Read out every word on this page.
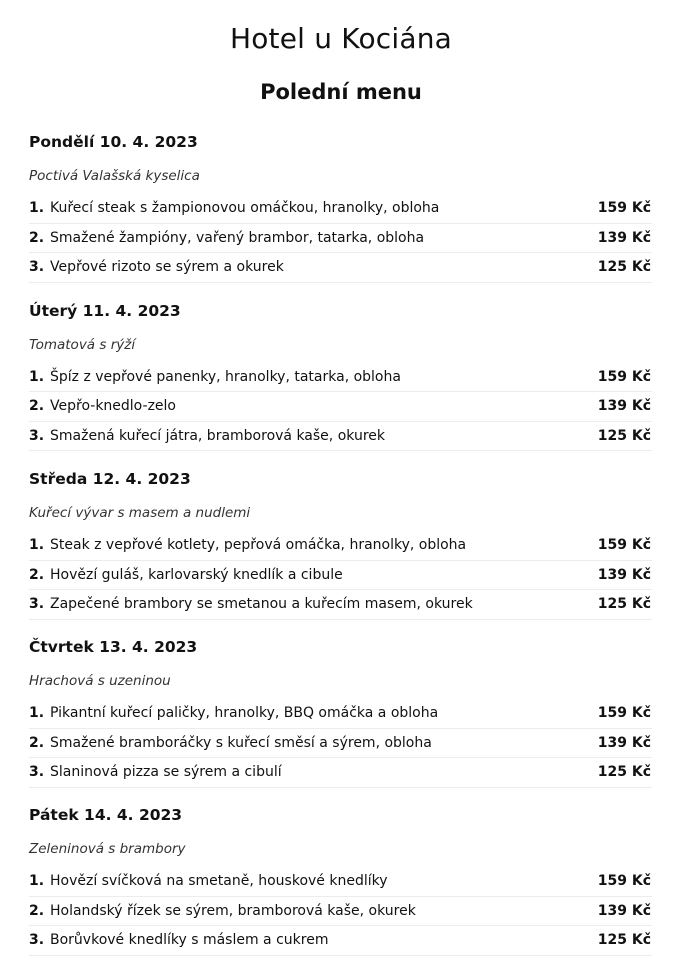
Hotel u Kociána
Polední menu
Pondělí 10. 4. 2023
Poctivá Valašská kyselica
1. Kuřecí steak s žampionovou omáčkou, hranolky, obloha	159 Kč
2. Smažené žampióny, vařený brambor, tatarka, obloha	139 Kč
3. Vepřové rizoto se sýrem a okurek	125 Kč
Úterý 11. 4. 2023
Tomatová s rýží
1. Špíz z vepřové panenky, hranolky, tatarka, obloha	159 Kč
2. Vepřo-knedlo-zelo	139 Kč
3. Smažená kuřecí játra, bramborová kaše, okurek	125 Kč
Středa 12. 4. 2023
Kuřecí vývar s masem a nudlemi
1. Steak z vepřové kotlety, pepřová omáčka, hranolky, obloha	159 Kč
2. Hovězí guláš, karlovarský knedlík a cibule	139 Kč
3. Zapečené brambory se smetanou a kuřecím masem, okurek	125 Kč
Čtvrtek 13. 4. 2023
Hrachová s uzeninou
1. Pikantní kuřecí paličky, hranolky, BBQ omáčka a obloha	159 Kč
2. Smažené bramboráčky s kuřecí směsí a sýrem, obloha	139 Kč
3. Slaninová pizza se sýrem a cibulí	125 Kč
Pátek 14. 4. 2023
Zeleninová s brambory
1. Hovězí svíčková na smetaně, houskové knedlíky	159 Kč
2. Holandský řízek se sýrem, bramborová kaše, okurek	139 Kč
3. Borůvkové knedlíky s máslem a cukrem	125 Kč
